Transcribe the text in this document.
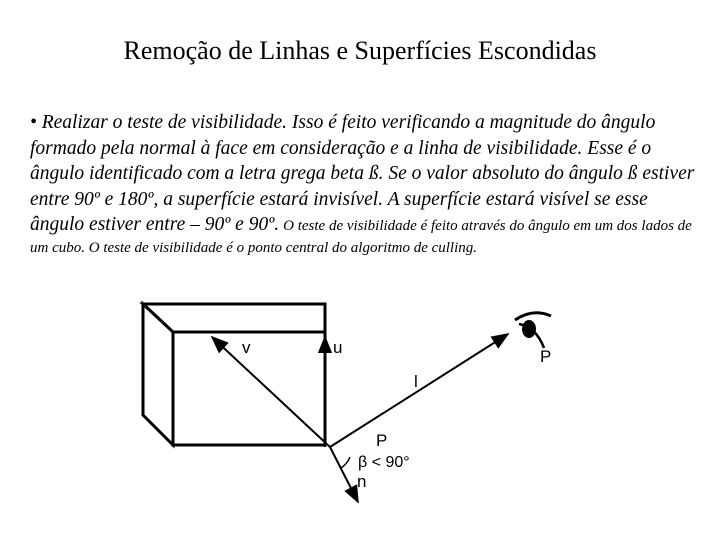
Remoção de Linhas e Superfícies Escondidas
• Realizar o teste de visibilidade. Isso é feito verificando a magnitude do ângulo formado pela normal à face em consideração e a linha de visibilidade. Esse é o ângulo identificado com a letra grega beta ß. Se o valor absoluto do ângulo ß estiver entre 90º e 180º, a superfície estará invisível. A superfície estará visível se esse ângulo estiver entre – 90º e 90º. O teste de visibilidade é feito através do ângulo em um dos lados de um cubo. O teste de visibilidade é o ponto central do algoritmo de culling.
v	u	P
l
P
β < 90°
n
